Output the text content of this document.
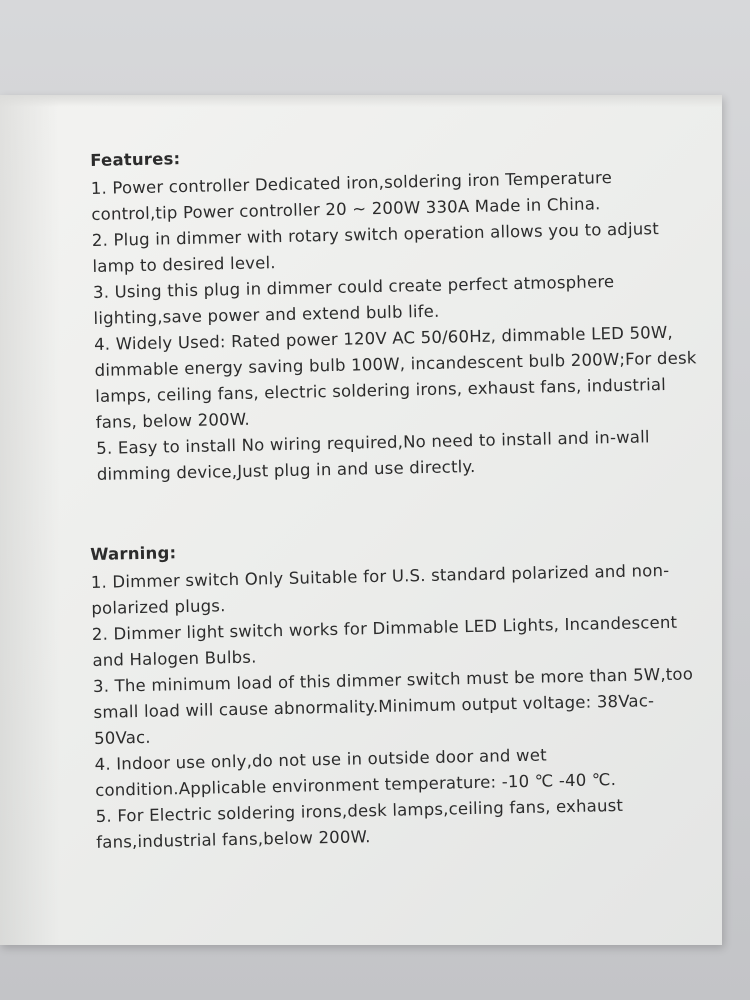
Features:
1. Power controller Dedicated iron,soldering iron Temperature control,tip Power controller 20 ~ 200W 330A Made in China.
2. Plug in dimmer with rotary switch operation allows you to adjust lamp to desired level.
3. Using this plug in dimmer could create perfect atmosphere lighting,save power and extend bulb life.
4. Widely Used: Rated power 120V AC 50/60Hz, dimmable LED 50W, dimmable energy saving bulb 100W, incandescent bulb 200W;For desk lamps, ceiling fans, electric soldering irons, exhaust fans, industrial fans, below 200W.
5. Easy to install No wiring required,No need to install and in-wall dimming device,Just plug in and use directly.
Warning:
1. Dimmer switch Only Suitable for U.S. standard polarized and non-polarized plugs.
2. Dimmer light switch works for Dimmable LED Lights, Incandescent and Halogen Bulbs.
3. The minimum load of this dimmer switch must be more than 5W,too small load will cause abnormality.Minimum output voltage: 38Vac-50Vac.
4. Indoor use only,do not use in outside door and wet condition.Applicable environment temperature: -10 ℃ -40 ℃.
5. For Electric soldering irons,desk lamps,ceiling fans, exhaust fans,industrial fans,below 200W.
